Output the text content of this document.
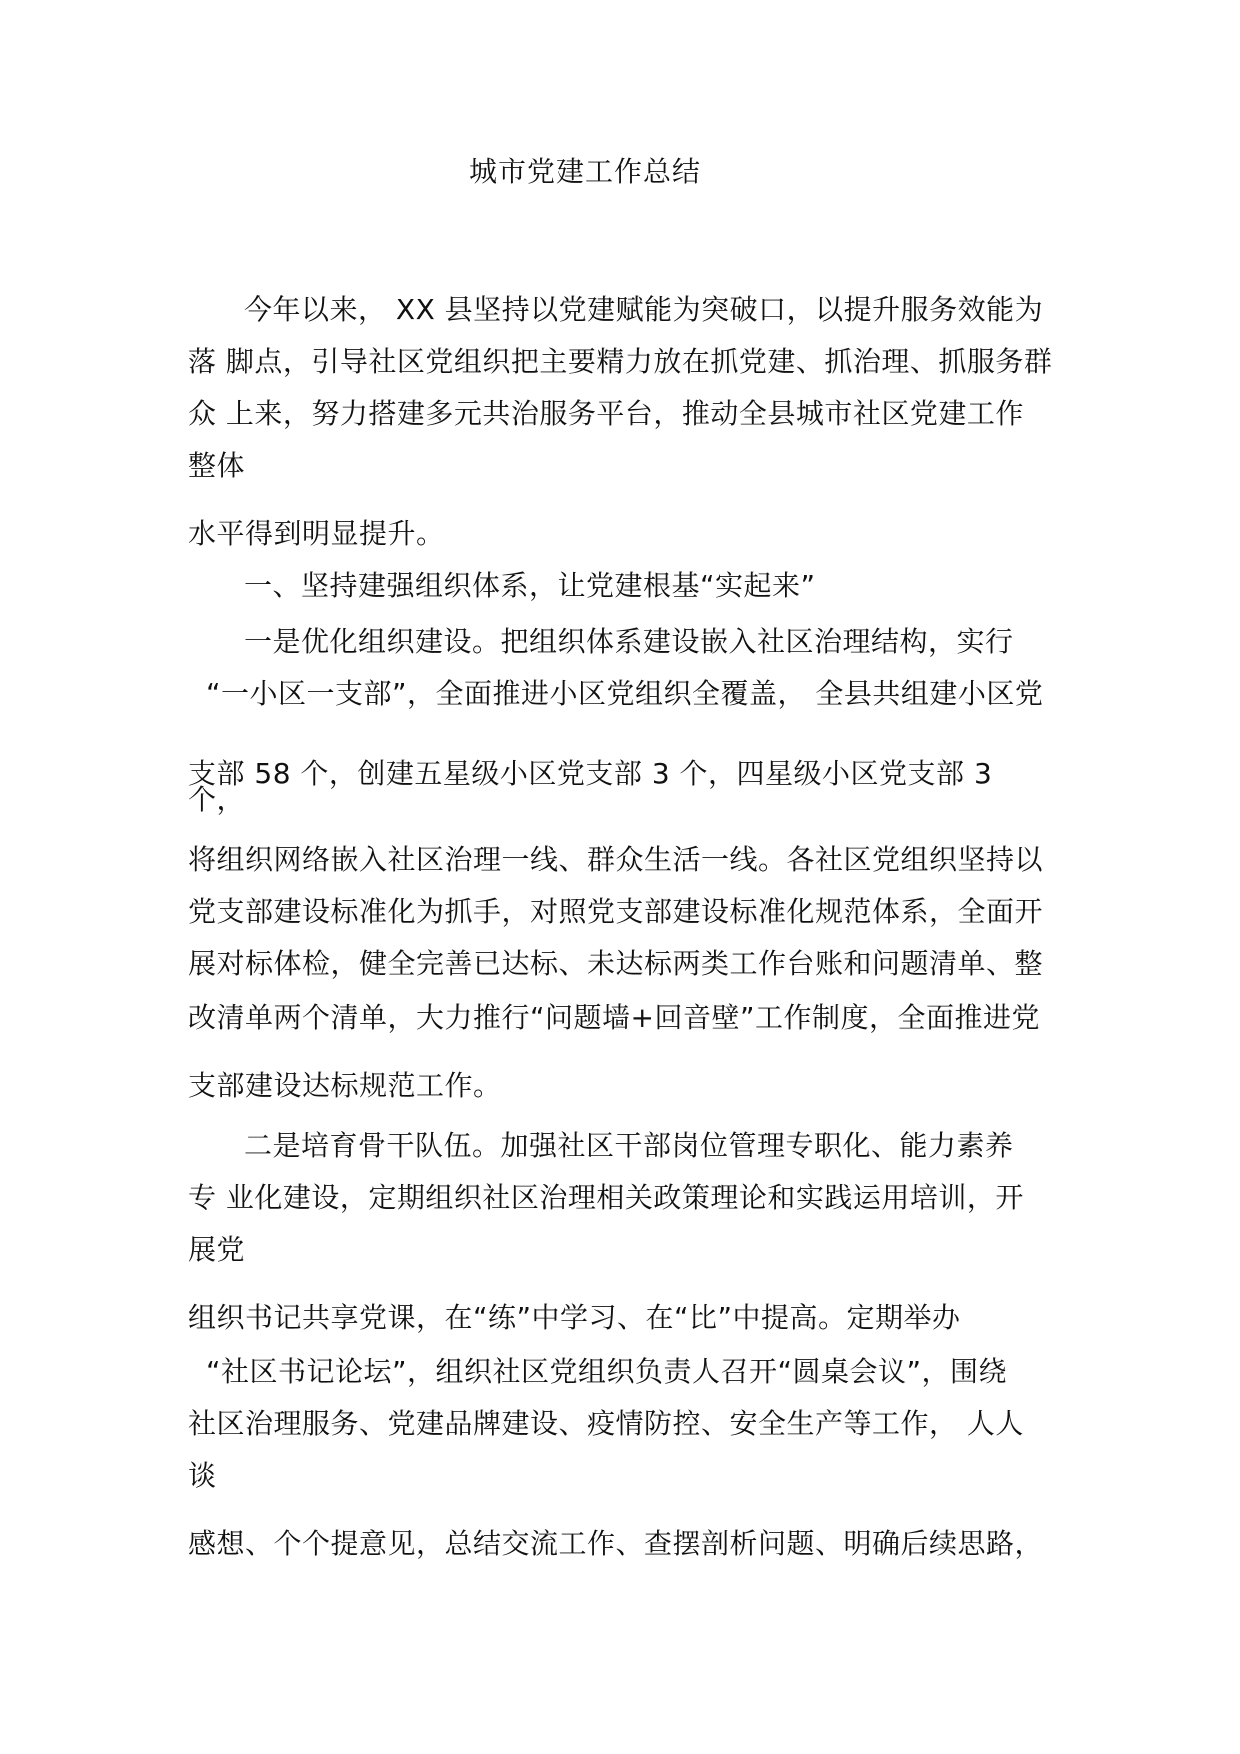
城市党建工作总结
今年以来， XX 县坚持以党建赋能为突破口，以提升服务效能为
落 脚点，引导社区党组织把主要精力放在抓党建、抓治理、抓服务群
众 上来，努力搭建多元共治服务平台，推动全县城市社区党建工作
整体
水平得到明显提升。
一、坚持建强组织体系，让党建根基“实起来”
一是优化组织建设。把组织体系建设嵌入社区治理结构，实行
“一小区一支部”，全面推进小区党组织全覆盖， 全县共组建小区党
支部 58 个，创建五星级小区党支部 3 个，四星级小区党支部 3
个，
将组织网络嵌入社区治理一线、群众生活一线。各社区党组织坚持以
党支部建设标准化为抓手，对照党支部建设标准化规范体系，全面开
展对标体检，健全完善已达标、未达标两类工作台账和问题清单、整
改清单两个清单，大力推行“问题墙+回音壁”工作制度，全面推进党
支部建设达标规范工作。
二是培育骨干队伍。加强社区干部岗位管理专职化、能力素养
专 业化建设，定期组织社区治理相关政策理论和实践运用培训，开
展党
组织书记共享党课，在“练”中学习、在“比”中提高。定期举办
“社区书记论坛”，组织社区党组织负责人召开“圆桌会议”，围绕
社区治理服务、党建品牌建设、疫情防控、安全生产等工作， 人人
谈
感想、个个提意见，总结交流工作、查摆剖析问题、明确后续思路，
